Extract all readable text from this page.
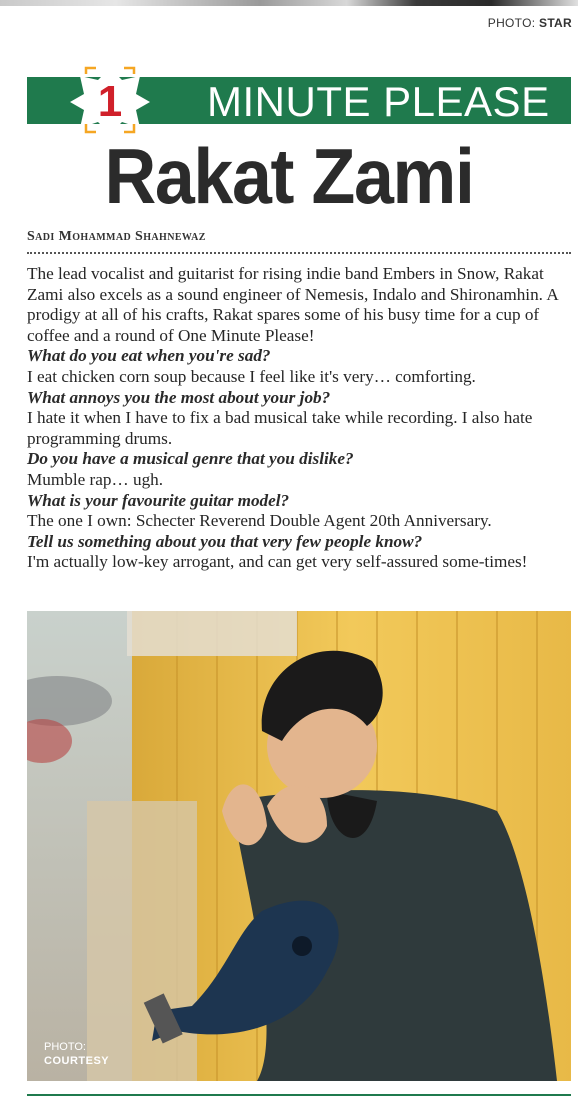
PHOTO: STAR
1 MINUTE PLEASE
Rakat Zami
Sadi Mohammad Shahnewaz

The lead vocalist and guitarist for rising indie band Embers in Snow, Rakat Zami also excels as a sound engineer of Nemesis, Indalo and Shironamhin. A prodigy at all of his crafts, Rakat spares some of his busy time for a cup of coffee and a round of One Minute Please!

What do you eat when you're sad?

I eat chicken corn soup because I feel like it's very… comforting.

What annoys you the most about your job?

I hate it when I have to fix a bad musical take while recording. I also hate programming drums.

Do you have a musical genre that you dislike?

Mumble rap… ugh.

What is your favourite guitar model?

The one I own: Schecter Reverend Double Agent 20th Anniversary.

Tell us something about you that very few people know?

I'm actually low-key arrogant, and can get very self-assured some-times!

PHOTO:
COURTESY
